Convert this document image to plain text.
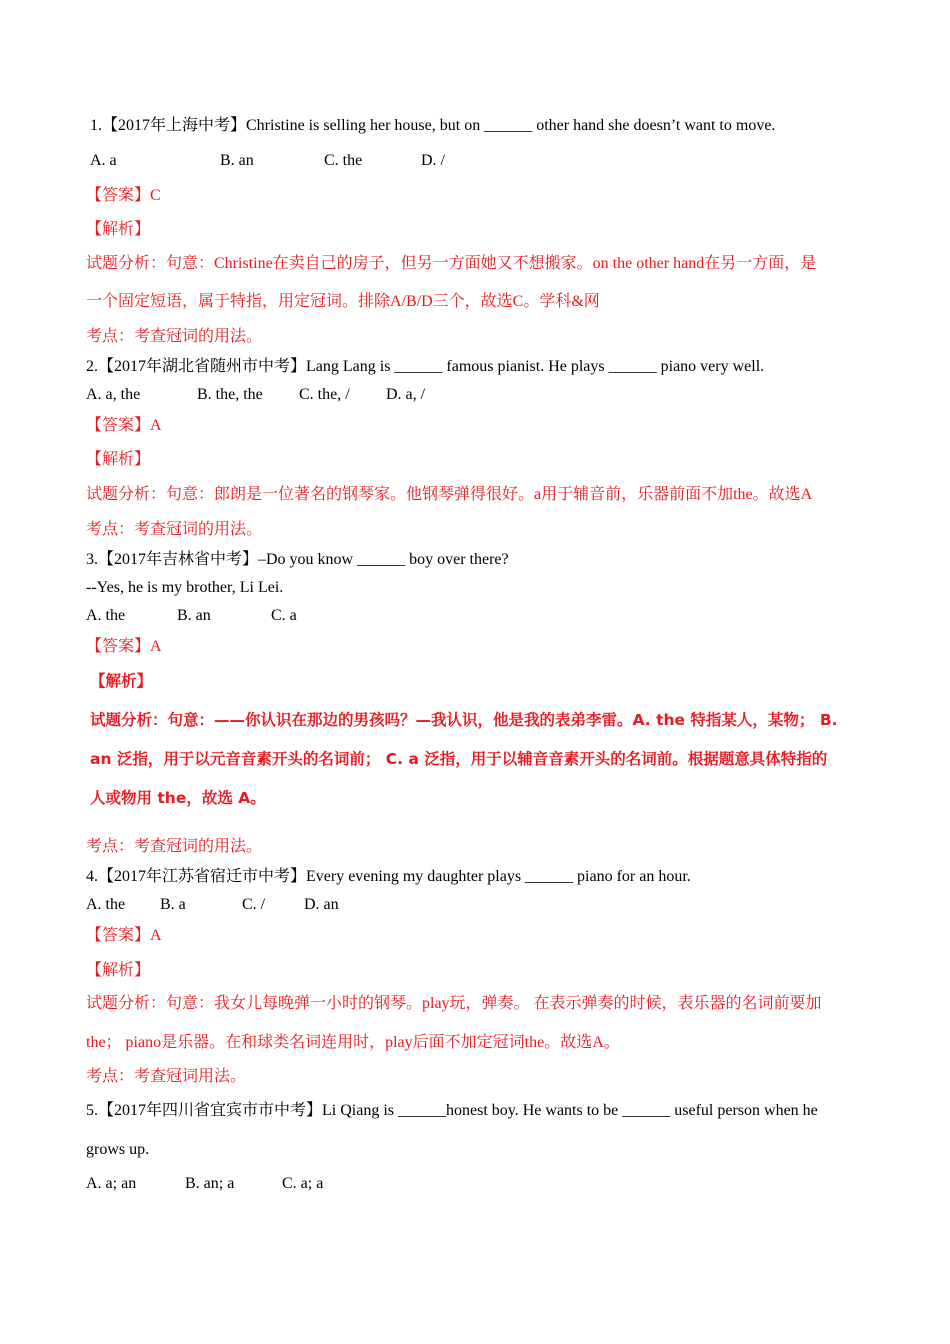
1.【2017年上海中考】Christine is selling her house, but on ______ other hand she doesn’t want to move.
A. a	B. an	C. the	D. /
【答案】C
【解析】
试题分析：句意：Christine在卖自己的房子，但另一方面她又不想搬家。on the other hand在另一方面，是
一个固定短语，属于特指，用定冠词。排除A/B/D三个，故选C。学科&网
考点：考查冠词的用法。
2.【2017年湖北省随州市中考】Lang Lang is ______ famous pianist. He plays ______ piano very well.
A. a, the	B. the, the C. the, / D. a, /
【答案】A
【解析】
试题分析：句意：郎朗是一位著名的钢琴家。他钢琴弹得很好。a用于辅音前，乐器前面不加the。故选A
考点：考查冠词的用法。
3.【2017年吉林省中考】–Do you know ______ boy over there?
--Yes, he is my brother, Li Lei.
A. the	B. an	C. a
【答案】A
【解析】
试题分析：句意：——你认识在那边的男孩吗？—我认识，他是我的表弟李雷。A. the 特指某人，某物； B.
an 泛指，用于以元音音素开头的名词前； C. a 泛指，用于以辅音音素开头的名词前。根据题意具体特指的
人或物用 the，故选 A。
考点：考查冠词的用法。
4.【2017年江苏省宿迁市中考】Every evening my daughter plays ______ piano for an hour.
A. the B. a	C. / D. an
【答案】A
【解析】
试题分析：句意：我女儿每晚弹一小时的钢琴。play玩，弹奏。 在表示弹奏的时候，表乐器的名词前要加
the； piano是乐器。在和球类名词连用时，play后面不加定冠词the。故选A。
考点：考查冠词用法。
5.【2017年四川省宜宾市市中考】Li Qiang is ______honest boy. He wants to be ______ useful person when he
grows up.
A. a; an	B. an; a	C. a; a
